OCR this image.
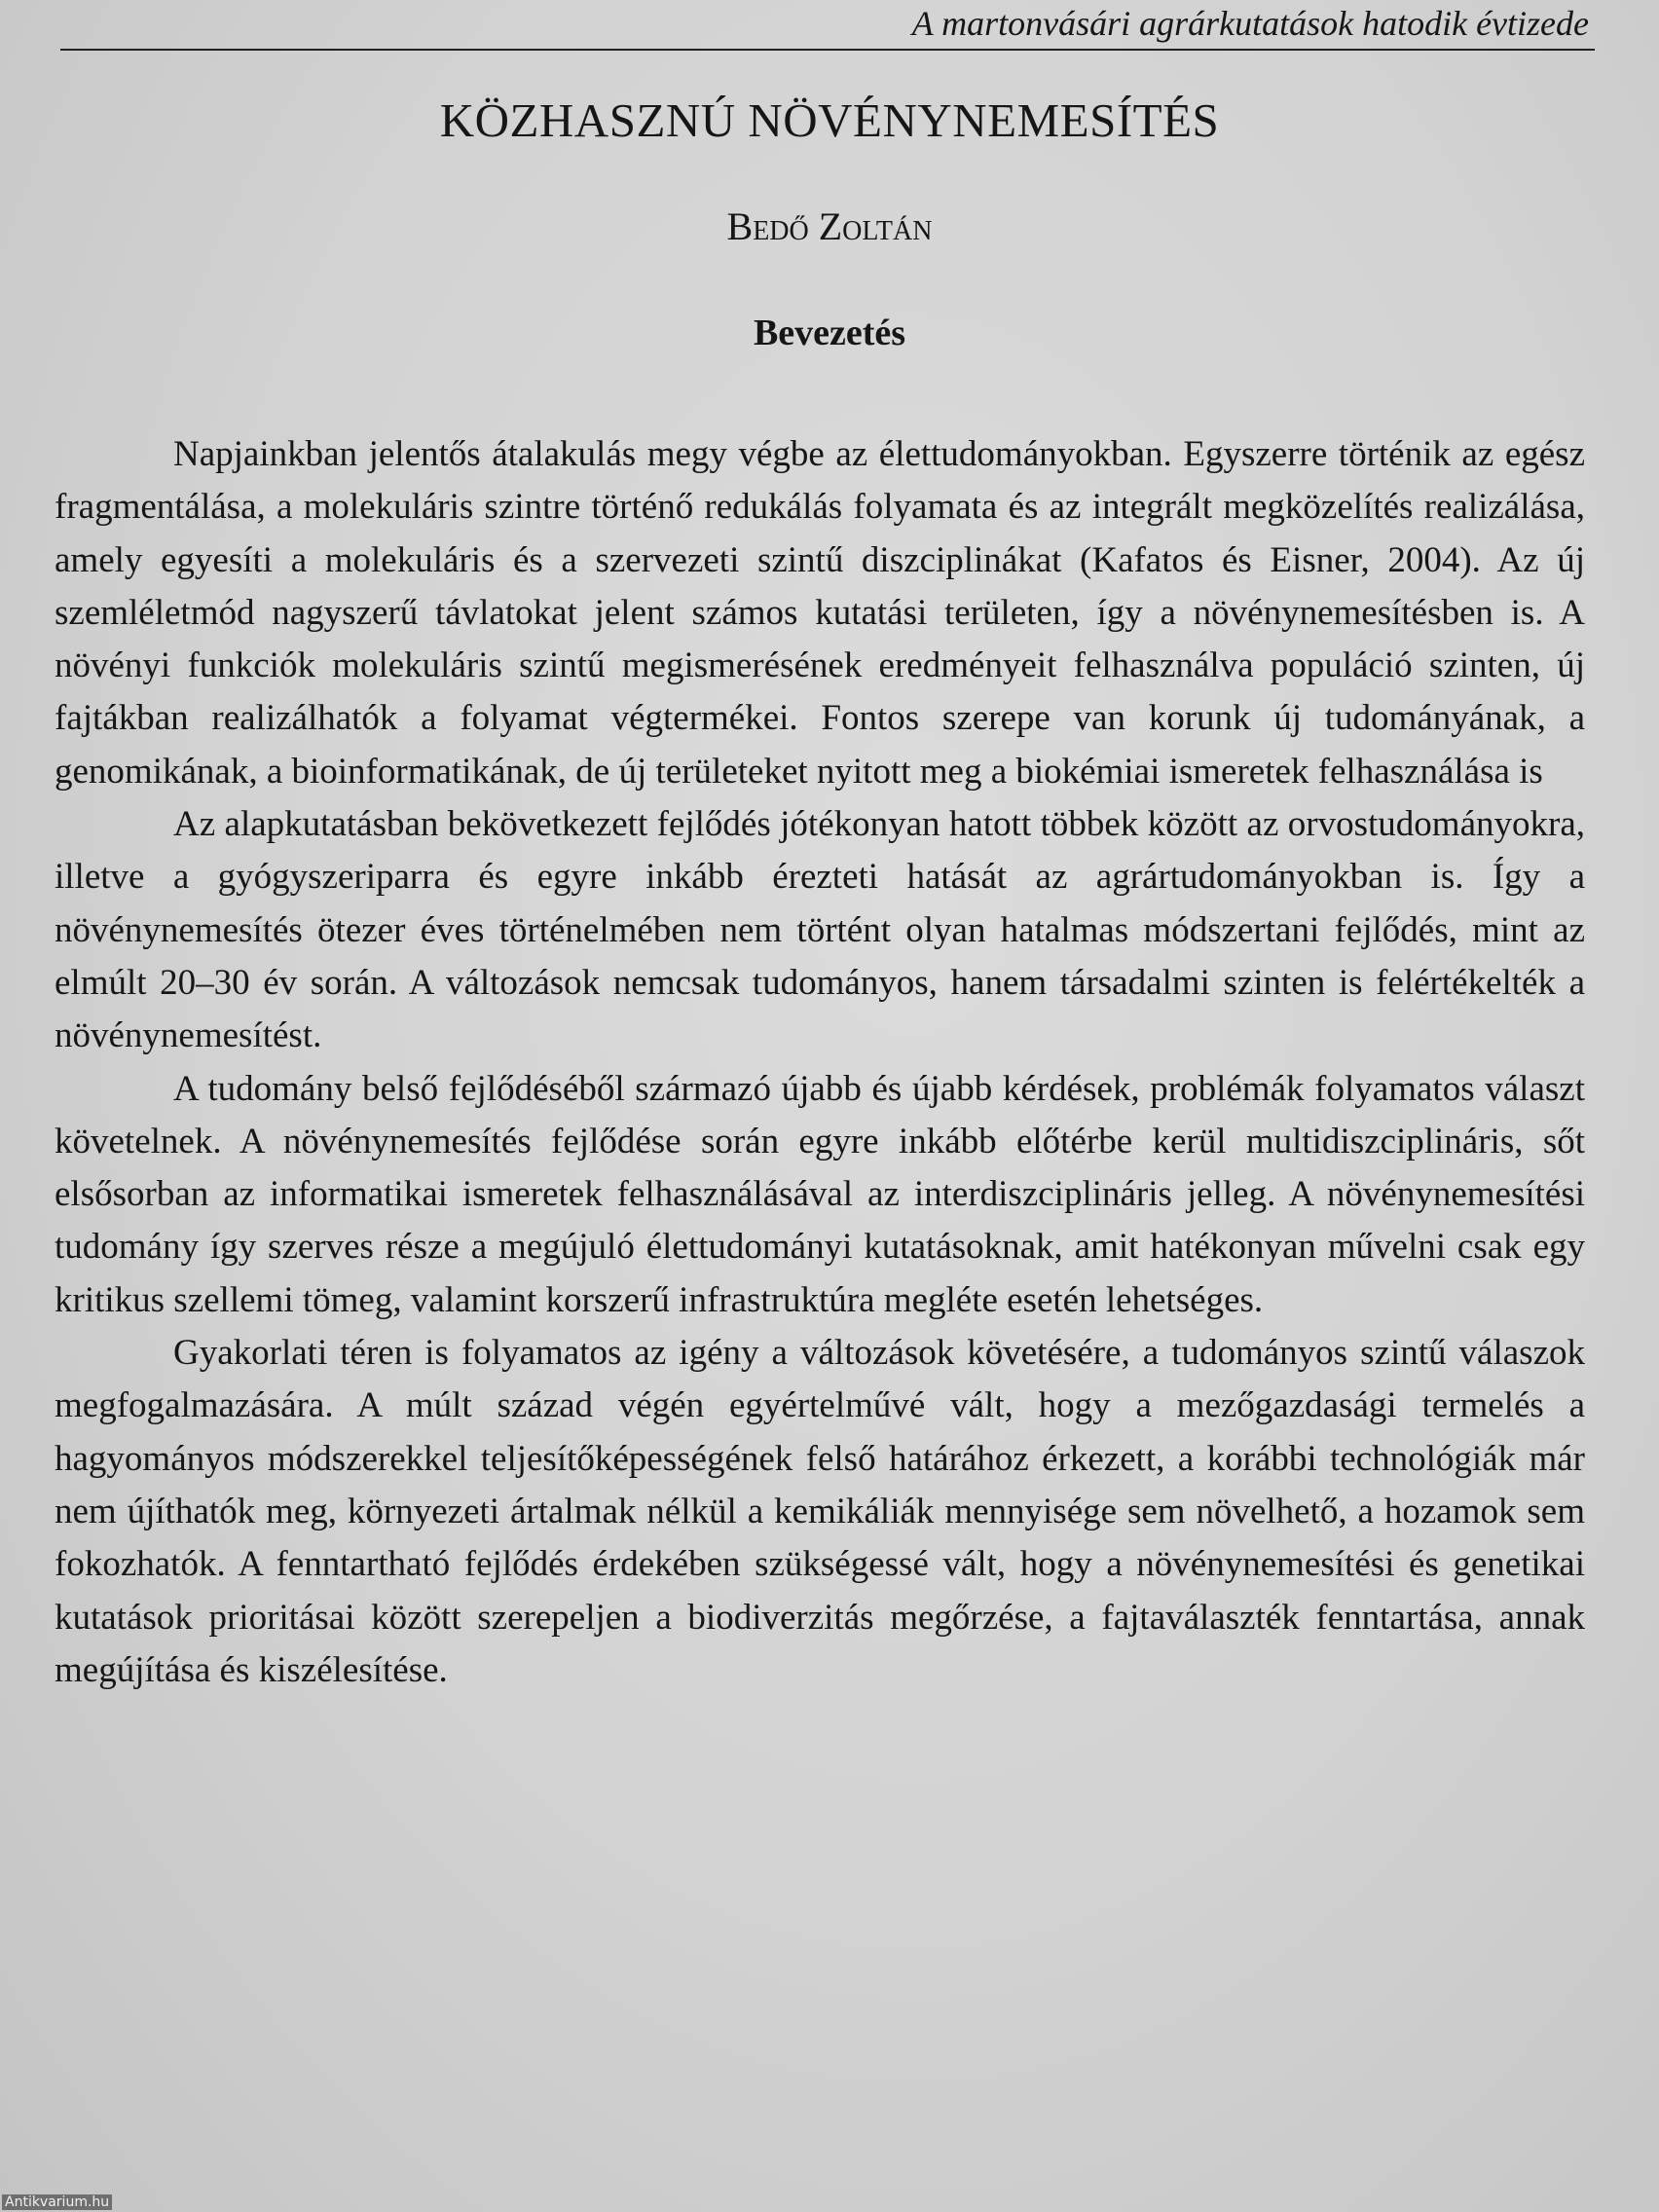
A martonvásári agrárkutatások hatodik évtizede
KÖZHASZNÚ NÖVÉNYNEMESÍTÉS
Bedő Zoltán
Bevezetés

Napjainkban jelentős átalakulás megy végbe az élettudományokban. Egyszerre történik az egész fragmentálása, a molekuláris szintre történő redukálás folyamata és az integrált megközelítés realizálása, amely egyesíti a molekuláris és a szervezeti szintű diszciplinákat (Kafatos és Eisner, 2004). Az új szemléletmód nagyszerű távlatokat jelent számos kutatási területen, így a növénynemesítésben is. A növényi funkciók molekuláris szintű megismerésének eredményeit felhasználva populáció szinten, új fajtákban realizálhatók a folyamat végtermékei. Fontos szerepe van korunk új tudományának, a genomikának, a bioinformatikának, de új területeket nyitott meg a biokémiai ismeretek felhasználása is

Az alapkutatásban bekövetkezett fejlődés jótékonyan hatott többek között az orvostudományokra, illetve a gyógyszeriparra és egyre inkább érezteti hatását az agrártudományokban is. Így a növénynemesítés ötezer éves történelmében nem történt olyan hatalmas módszertani fejlődés, mint az elmúlt 20–30 év során. A változások nemcsak tudományos, hanem társadalmi szinten is felértékelték a növénynemesítést.

A tudomány belső fejlődéséből származó újabb és újabb kérdések, problémák folyamatos választ követelnek. A növénynemesítés fejlődése során egyre inkább előtérbe kerül multidiszciplináris, sőt elsősorban az informatikai ismeretek felhasználásával az interdiszciplináris jelleg. A növénynemesítési tudomány így szerves része a megújuló élettudományi kutatásoknak, amit hatékonyan művelni csak egy kritikus szellemi tömeg, valamint korszerű infrastruktúra megléte esetén lehetséges.

Gyakorlati téren is folyamatos az igény a változások követésére, a tudományos szintű válaszok megfogalmazására. A múlt század végén egyértelművé vált, hogy a mezőgazdasági termelés a hagyományos módszerekkel teljesítőképességének felső határához érkezett, a korábbi technológiák már nem újíthatók meg, környezeti ártalmak nélkül a kemikáliák mennyisége sem növelhető, a hozamok sem fokozhatók. A fenntartható fejlődés érdekében szükségessé vált, hogy a növénynemesítési és genetikai kutatások prioritásai között szerepeljen a biodiverzitás megőrzése, a fajtaválaszték fenntartása, annak megújítása és kiszélesítése.

Antikvarium.hu
